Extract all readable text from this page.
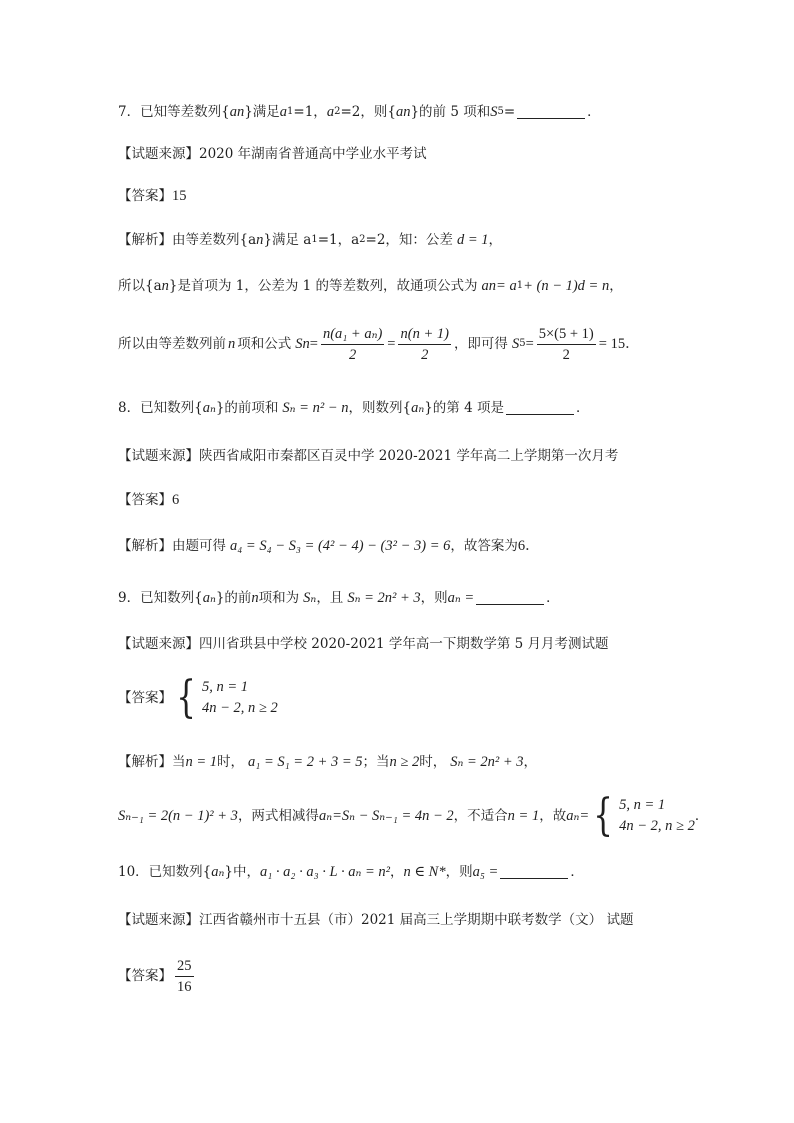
7．已知等差数列{ a n }满足 a 1 =1， a 2 =2，则{ a n }的前 5 项和 S 5 =	．
【试题来源】 2020 年湖南省普通高中学业水平考试
【答案】 15
【解析】 由等差数列{a n }满足 a 1 =1，a 2 =2，知：公差 d = 1 ，
所以{a n }是首项为 1，公差为 1 的等差数列，故通项公式为 a n = a 1 + (n − 1)d = n ，
所以由等差数列前 n 项和公式 S $n = \frac{\text{n(a₁ + aₙ)}}{2} = \frac{n(n + 1)}{2}$ ，即可得 S $5 = \frac{5\times(5 + 1)}{2} = 15$．
8．已知数列{ aₙ }的前项和 Sₙ = n² − n ，则数列{ aₙ }的第 4 项是	．
【试题来源】 陕西省咸阳市秦都区百灵中学 2020-2021 学年高二上学期第一次月考
【答案】 6
【解析】 由题可得 a₄ = S₄ − S₃ = (4² − 4) − (3² − 3) = 6 ，故答案为 6．
9．已知数列{ aₙ }的前 n 项和为 Sₙ ，且 Sₙ = 2n² + 3 ，则 aₙ =	．
【试题来源】 四川省珙县中学校 2020-2021 学年高一下期数学第 5 月月考测试题
【答案】 { 5, n = 1
4n − 2, n ≥ 2
【解析】 当 n = 1 时， a₁ = S₁ = 2 + 3 = 5 ；当 n ≥ 2 时， Sₙ = 2n² + 3 ，
Sₙ₋₁ = 2(n − 1)² + 3 ，两式相减得 aₙ=Sₙ − Sₙ₋₁ = 4n − 2 ，不适合 n = 1 ，故 aₙ= { 5, n = 1
4n − 2, n ≥ 2
．
10．已知数列{ aₙ }中， a₁ · a₂ · a₃ · L · aₙ = n² ， n ∈ N* ，则 a₅ =	．
【试题来源】 江西省赣州市十五县（市）2021 届高三上学期期中联考数学（文） 试题
【答案】 $\frac{25}{16}$
